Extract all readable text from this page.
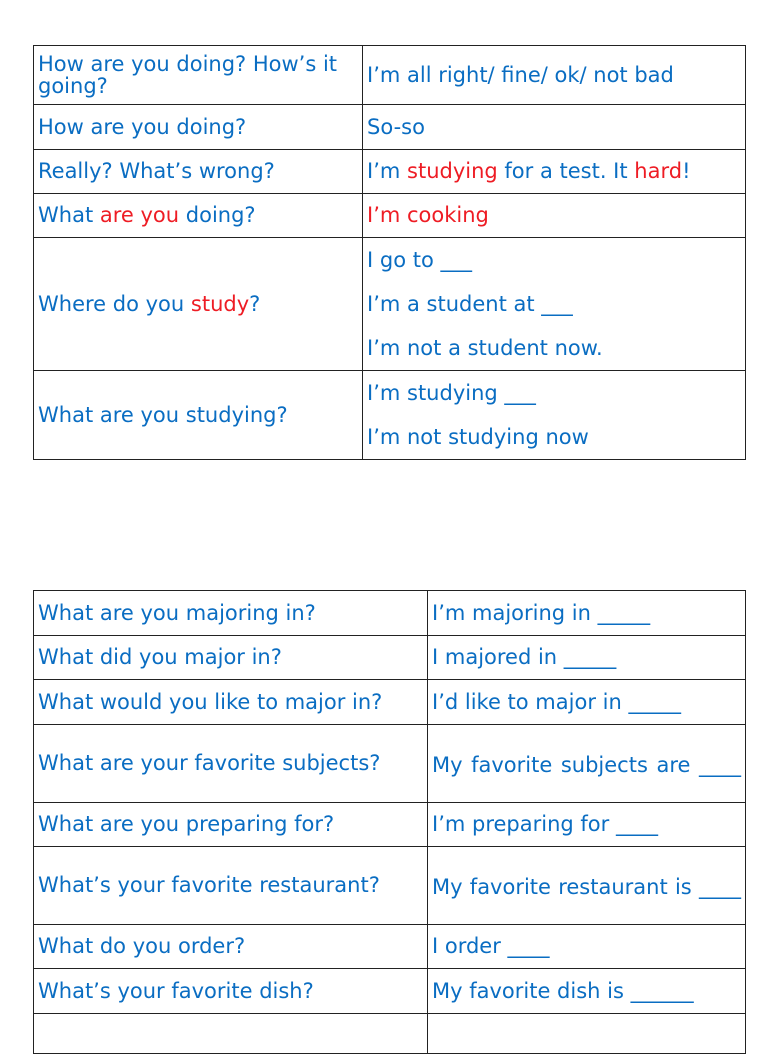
How are you doing? How’s it going?	I’m all right/ fine/ ok/ not bad
How are you doing?	So-so
Really? What’s wrong?	I’m studying for a test. It hard!
What are you doing?	I’m cooking
Where do you study?	I go to ___
I’m a student at ___
I’m not a student now.

What are you studying?	I’m studying ___
I’m not studying now
What are you majoring in?	I’m majoring in _____
What did you major in?	I majored in _____
What would you like to major in?	I’d like to major in _____
What are your favorite subjects?	My favorite subjects are ____
What are you preparing for?	I’m preparing for ____
What’s your favorite restaurant?	My favorite restaurant is ____
What do you order?	I order ____
What’s your favorite dish?	My favorite dish is ______
